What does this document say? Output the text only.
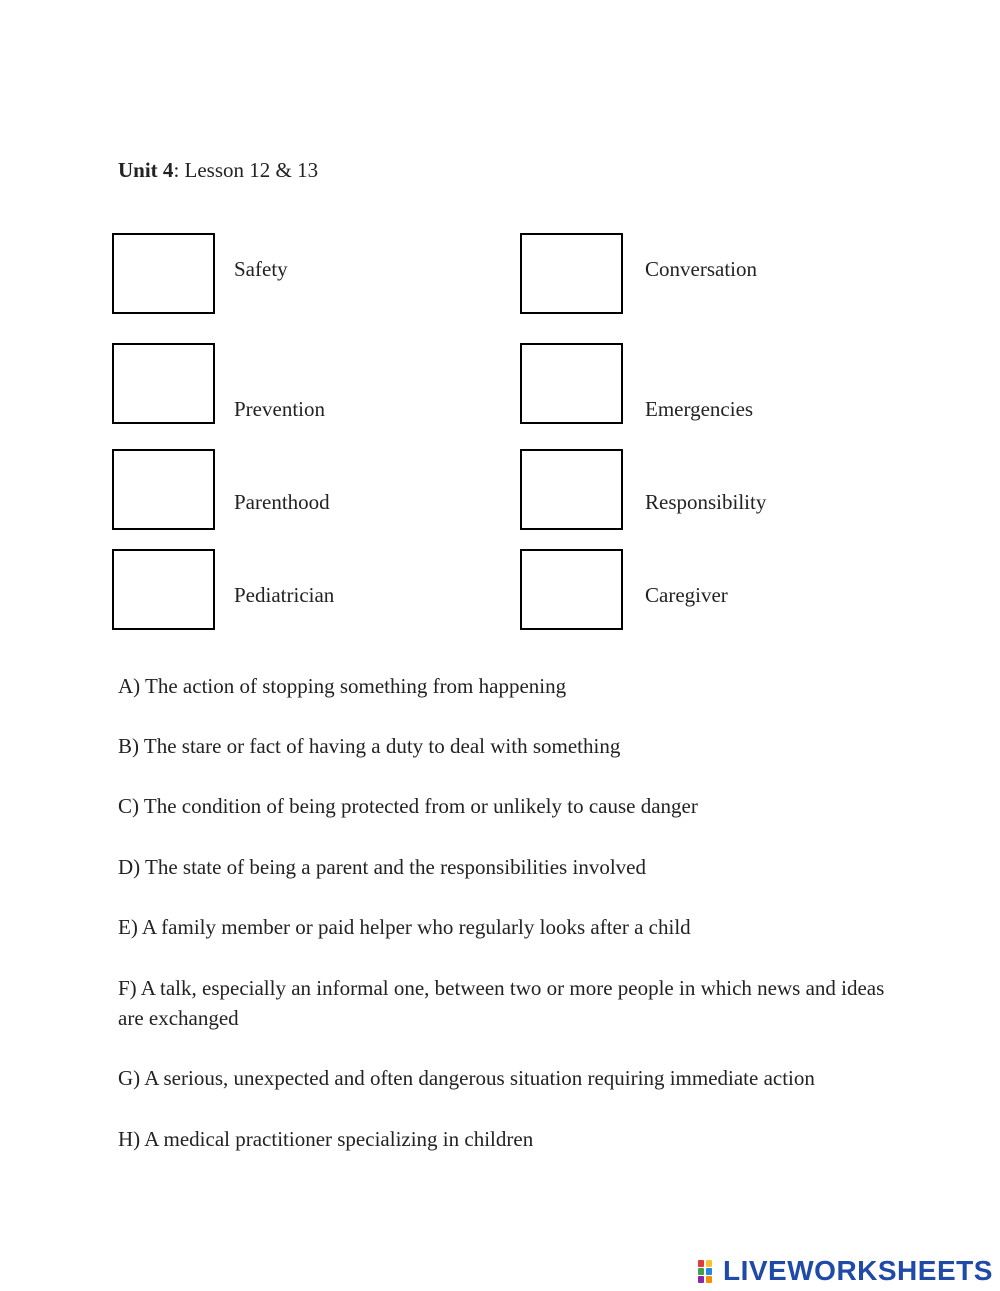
Unit 4: Lesson 12 & 13
Safety	Conversation
Prevention	Emergencies
Parenthood	Responsibility
Pediatrician	Caregiver
A) The action of stopping something from happening
B) The stare or fact of having a duty to deal with something
C) The condition of being protected from or unlikely to cause danger
D) The state of being a parent and the responsibilities involved
E) A family member or paid helper who regularly looks after a child
F) A talk, especially an informal one, between two or more people in which news and ideas are exchanged
G) A serious, unexpected and often dangerous situation requiring immediate action
H) A medical practitioner specializing in children
LIVEWORKSHEETS
